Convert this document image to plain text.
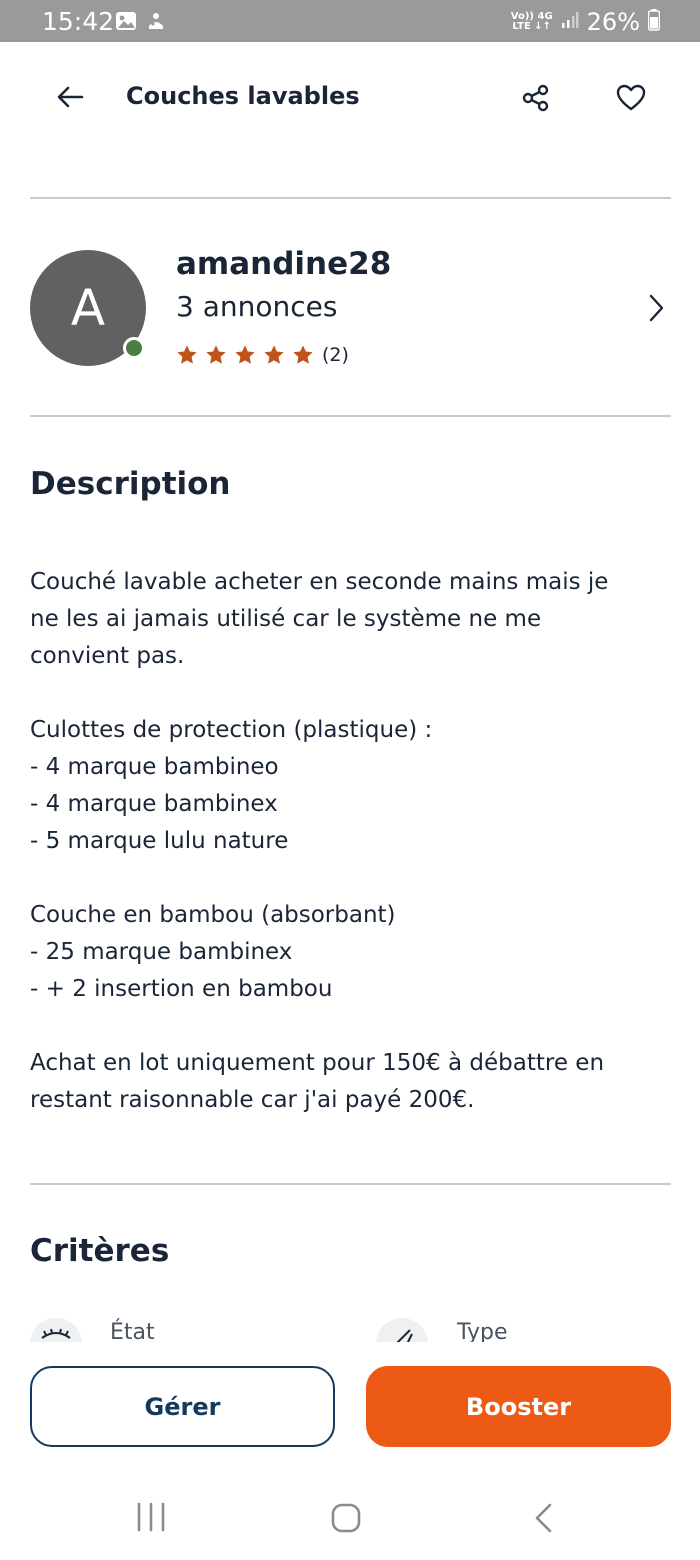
15:42	Vo)) 4G
LTE ↓↑ 26%
Couches lavables
A
amandine28
3 annonces
(2)
Description
Couché lavable acheter en seconde mains mais je
ne les ai jamais utilisé car le système ne me
convient pas.
Culottes de protection (plastique) :
- 4 marque bambineo
- 4 marque bambinex
- 5 marque lulu nature
Couche en bambou (absorbant)
- 25 marque bambinex
- + 2 insertion en bambou
Achat en lot uniquement pour 150€ à débattre en
restant raisonnable car j'ai payé 200€.
Critères
État	Type
Gérer	Booster
